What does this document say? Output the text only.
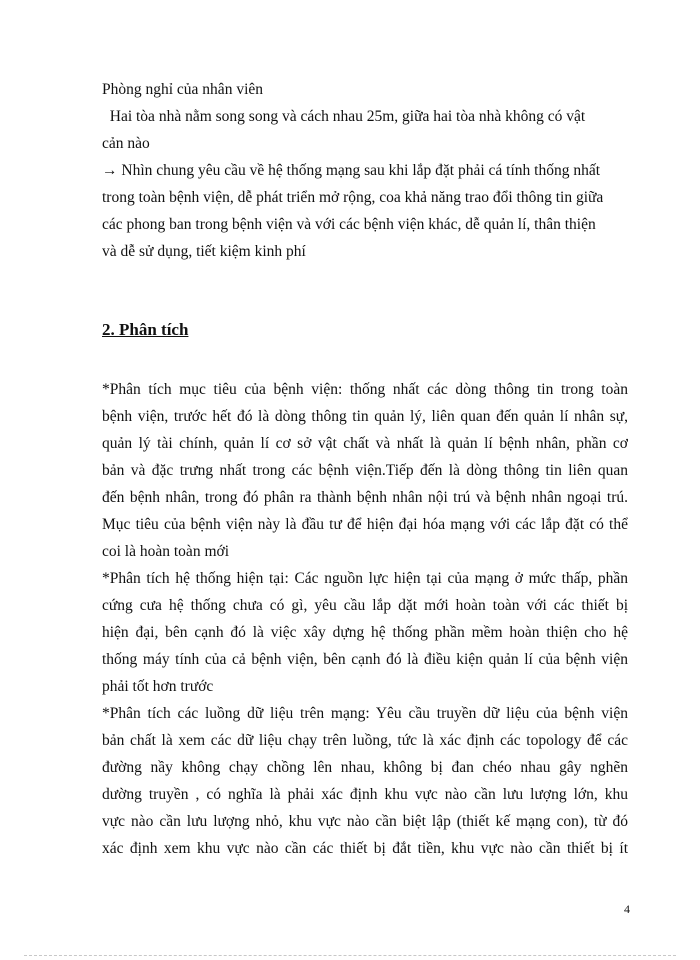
Phòng nghỉ của nhân viên
Hai tòa nhà nằm song song và cách nhau 25m, giữa hai tòa nhà không có vật
cản nào
→ Nhìn chung yêu cầu về hệ thống mạng sau khi lắp đặt phải cá tính thống nhất
trong toàn bệnh viện, dễ phát triển mở rộng, coa khả năng trao đổi thông tin giữa
các phong ban trong bệnh viện và với các bệnh viện khác, dễ quản lí, thân thiện
và dễ sử dụng, tiết kiệm kinh phí
2. Phân tích
*Phân tích mục tiêu của bệnh viện: thống nhất các dòng thông tin trong toàn
bệnh viện, trước hết đó là dòng thông tin quản lý, liên quan đến quản lí nhân sự,
quản lý tài chính, quản lí cơ sở vật chất và nhất là quản lí bệnh nhân, phần cơ
bản và đặc trưng nhất trong các bệnh viện.Tiếp đến là dòng thông tin liên quan
đến bệnh nhân, trong đó phân ra thành bệnh nhân nội trú và bệnh nhân ngoại trú.
Mục tiêu của bệnh viện này là đầu tư để hiện đại hóa mạng với các lắp đặt có thể
coi là hoàn toàn mới
*Phân tích hệ thống hiện tại: Các nguồn lực hiện tại của mạng ở mức thấp, phần
cứng cưa hệ thống chưa có gì, yêu cầu lắp dặt mới hoàn toàn với các thiết bị
hiện đại, bên cạnh đó là việc xây dựng hệ thống phần mềm hoàn thiện cho hệ
thống máy tính của cả bệnh viện, bên cạnh đó là điều kiện quản lí của bệnh viện
phải tốt hơn trước
*Phân tích các luồng dữ liệu trên mạng: Yêu cầu truyền dữ liệu của bệnh viện
bản chất là xem các dữ liệu chạy trên luồng, tức là xác định các topology để các
đường nầy không chạy chồng lên nhau, không bị đan chéo nhau gây nghẽn
dường truyền , có nghĩa là phải xác định khu vực nào cần lưu lượng lớn, khu
vực nào cần lưu lượng nhỏ, khu vực nào cần biệt lập (thiết kế mạng con), từ đó
xác định xem khu vực nào cần các thiết bị đắt tiền, khu vực nào cần thiết bị ít
4
